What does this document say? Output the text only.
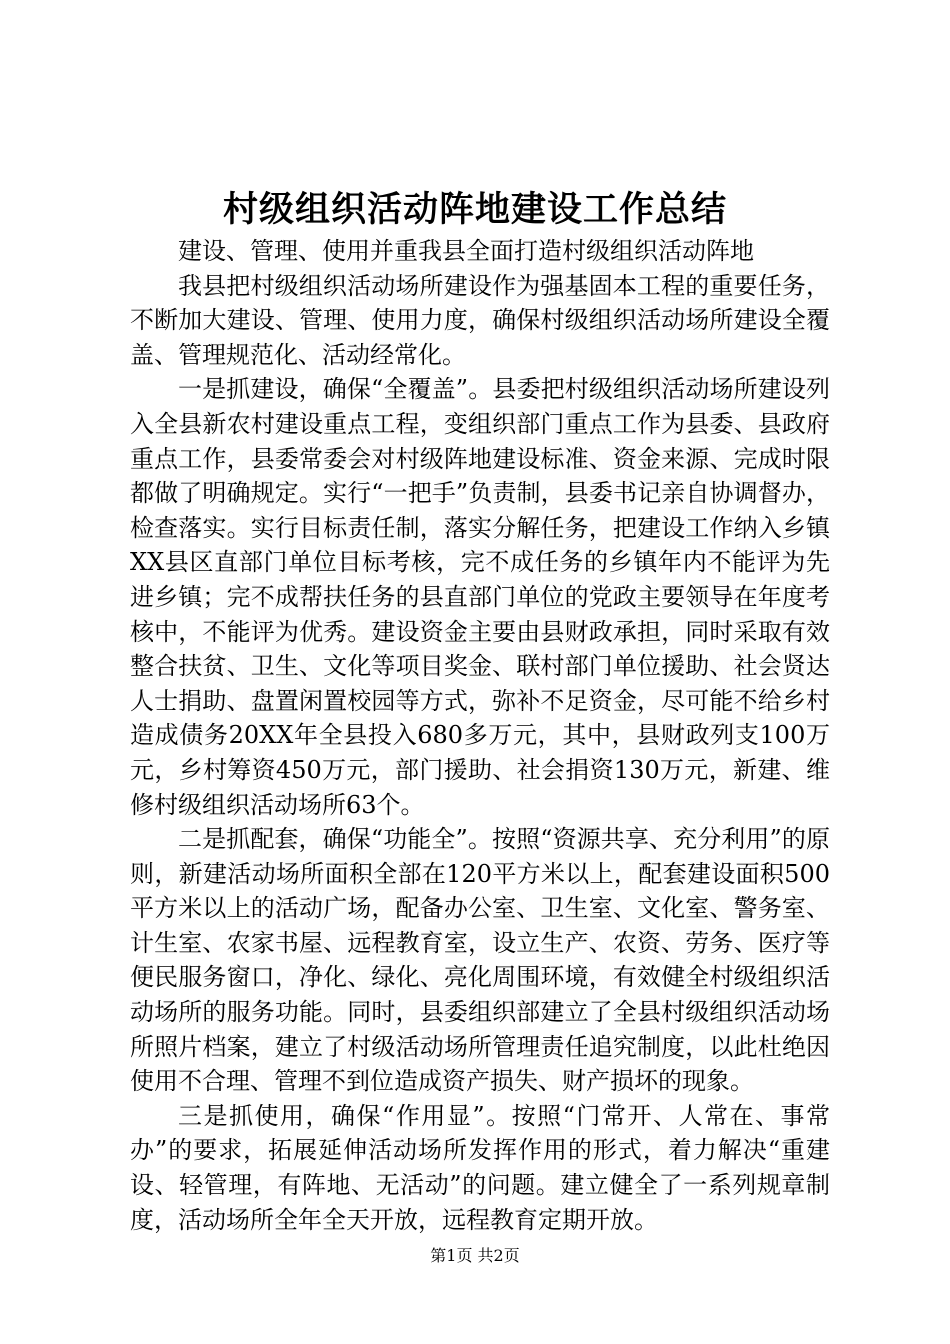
村级组织活动阵地建设工作总结

建设、管理、使用并重我县全面打造村级组织活动阵地

我县把村级组织活动场所建设作为强基固本工程的重要任务，不断加大建设、管理、使用力度，确保村级组织活动场所建设全覆盖、管理规范化、活动经常化。

一是抓建设，确保“全覆盖”。县委把村级组织活动场所建设列入全县新农村建设重点工程，变组织部门重点工作为县委、县政府重点工作，县委常委会对村级阵地建设标准、资金来源、完成时限都做了明确规定。实行“一把手”负责制，县委书记亲自协调督办，检查落实。实行目标责任制，落实分解任务，把建设工作纳入乡镇XX县区直部门单位目标考核，完不成任务的乡镇年内不能评为先进乡镇；完不成帮扶任务的县直部门单位的党政主要领导在年度考核中，不能评为优秀。建设资金主要由县财政承担，同时采取有效整合扶贫、卫生、文化等项目奖金、联村部门单位援助、社会贤达人士捐助、盘置闲置校园等方式，弥补不足资金，尽可能不给乡村造成债务20XX年全县投入680多万元，其中，县财政列支100万元，乡村筹资450万元，部门援助、社会捐资130万元，新建、维修村级组织活动场所63个。

二是抓配套，确保“功能全”。按照“资源共享、充分利用”的原则，新建活动场所面积全部在120平方米以上，配套建设面积500平方米以上的活动广场，配备办公室、卫生室、文化室、警务室、计生室、农家书屋、远程教育室，设立生产、农资、劳务、医疗等便民服务窗口，净化、绿化、亮化周围环境，有效健全村级组织活动场所的服务功能。同时，县委组织部建立了全县村级组织活动场所照片档案，建立了村级活动场所管理责任追究制度，以此杜绝因使用不合理、管理不到位造成资产损失、财产损坏的现象。

三是抓使用，确保“作用显”。按照“门常开、人常在、事常办”的要求，拓展延伸活动场所发挥作用的形式，着力解决“重建设、轻管理，有阵地、无活动”的问题。建立健全了一系列规章制度，活动场所全年全天开放，远程教育定期开放。

第1页 共2页
